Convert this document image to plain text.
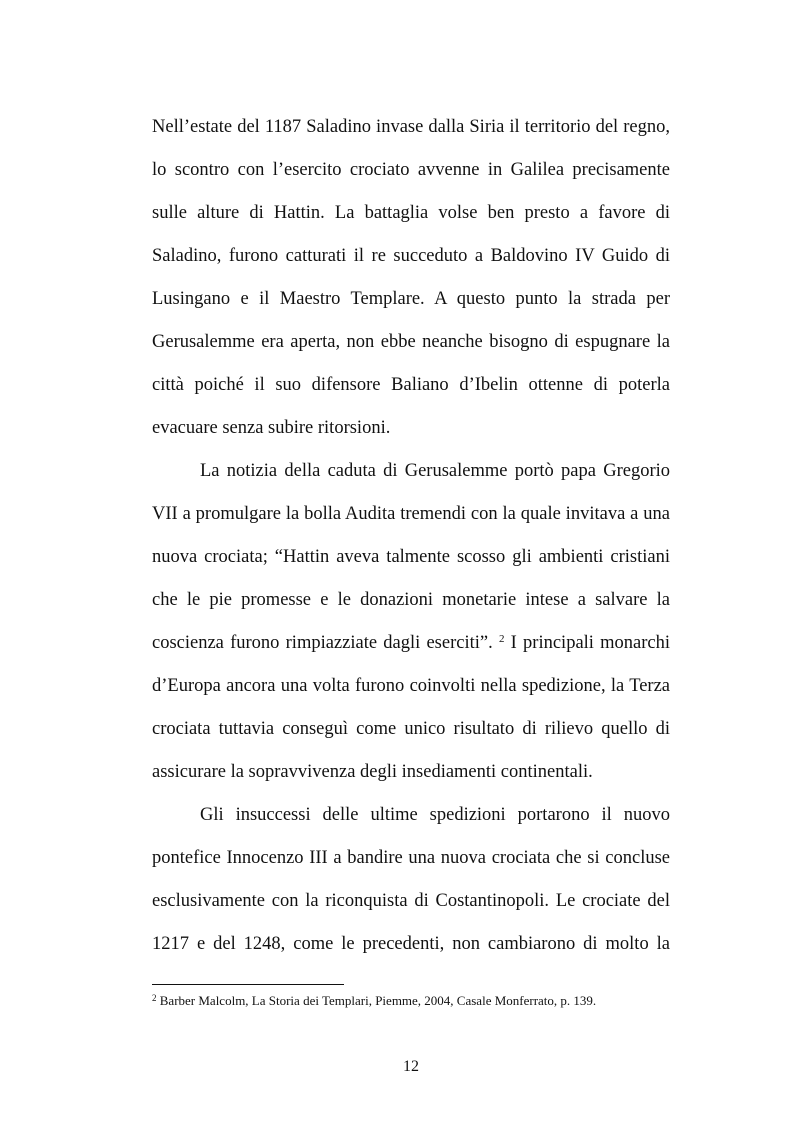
Nell’estate del 1187 Saladino invase dalla Siria il territorio del regno,
lo scontro con l’esercito crociato avvenne in Galilea precisamente
sulle alture di Hattin. La battaglia volse ben presto a favore di
Saladino, furono catturati il re succeduto a Baldovino IV Guido di
Lusingano e il Maestro Templare. A questo punto la strada per
Gerusalemme era aperta, non ebbe neanche bisogno di espugnare la
città poiché il suo difensore Baliano d’Ibelin ottenne di poterla
evacuare senza subire ritorsioni.
La notizia della caduta di Gerusalemme portò papa Gregorio
VII a promulgare la bolla Audita tremendi con la quale invitava a una
nuova crociata; “Hattin aveva talmente scosso gli ambienti cristiani
che le pie promesse e le donazioni monetarie intese a salvare la
coscienza furono rimpiazziate dagli eserciti”. $^2$ I principali monarchi
d’Europa ancora una volta furono coinvolti nella spedizione, la Terza
crociata tuttavia conseguì come unico risultato di rilievo quello di
assicurare la sopravvivenza degli insediamenti continentali.
Gli insuccessi delle ultime spedizioni portarono il nuovo
pontefice Innocenzo III a bandire una nuova crociata che si concluse
esclusivamente con la riconquista di Costantinopoli. Le crociate del
1217 e del 1248, come le precedenti, non cambiarono di molto la
$^2$ Barber Malcolm, La Storia dei Templari, Piemme, 2004, Casale Monferrato, p. 139.
12
